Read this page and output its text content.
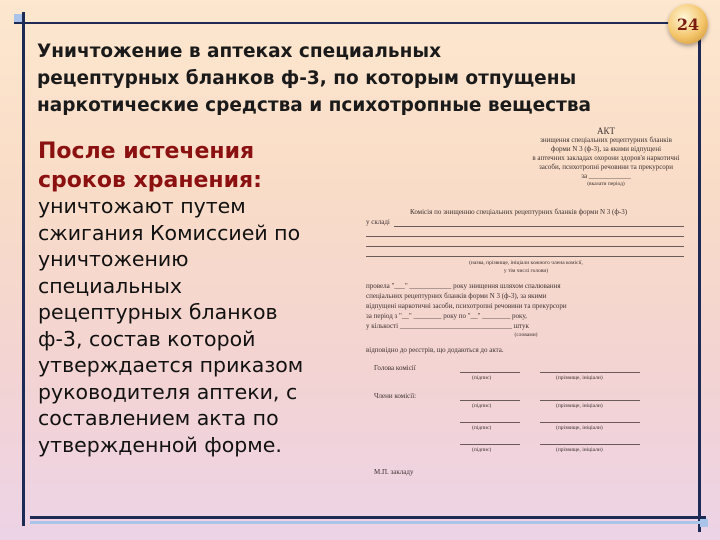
24
Уничтожение в аптеках специальных
рецептурных бланков ф-3, по которым отпущены
наркотические средства и психотропные вещества
После истечения
сроков хранения:
уничтожают путем
сжигания Комиссией по
уничтожению
специальных
рецептурных бланков
ф-3, состав которой
утверждается приказом
руководителя аптеки, с
составлением акта по
утвержденной форме.
АКТ
знищення спеціальних рецептурних бланків
форми N 3 (ф-3), за якими відпущені
в аптечних закладах охорони здоров'я наркотичні
засоби, психотропні речовини та прекурсори
за ____________
(вказати період)
Комісія по знищенню спеціальних рецептурних бланків форми N 3 (ф-3)
у складі
(назва, прізвище, ініціали кожного члена комісії,
у тім числі голови)
провела "___" ____________ року знищення шляхом спалювання
спеціальних рецептурних бланків форми N 3 (ф-3), за якими
відпущені наркотичні засоби, психотропні речовини та прекурсори
за період з "__" ________ року по "__" ________ року,
у кількості ________________________________ штук
(словами)
відповідно до реєстрів, що додаються до акта.
Голова комісії
(підпис)	(прізвище, ініціали)
Члени комісії:
(підпис)	(прізвище, ініціали)
(підпис)	(прізвище, ініціали)
(підпис)	(прізвище, ініціали)
М.П. закладу
